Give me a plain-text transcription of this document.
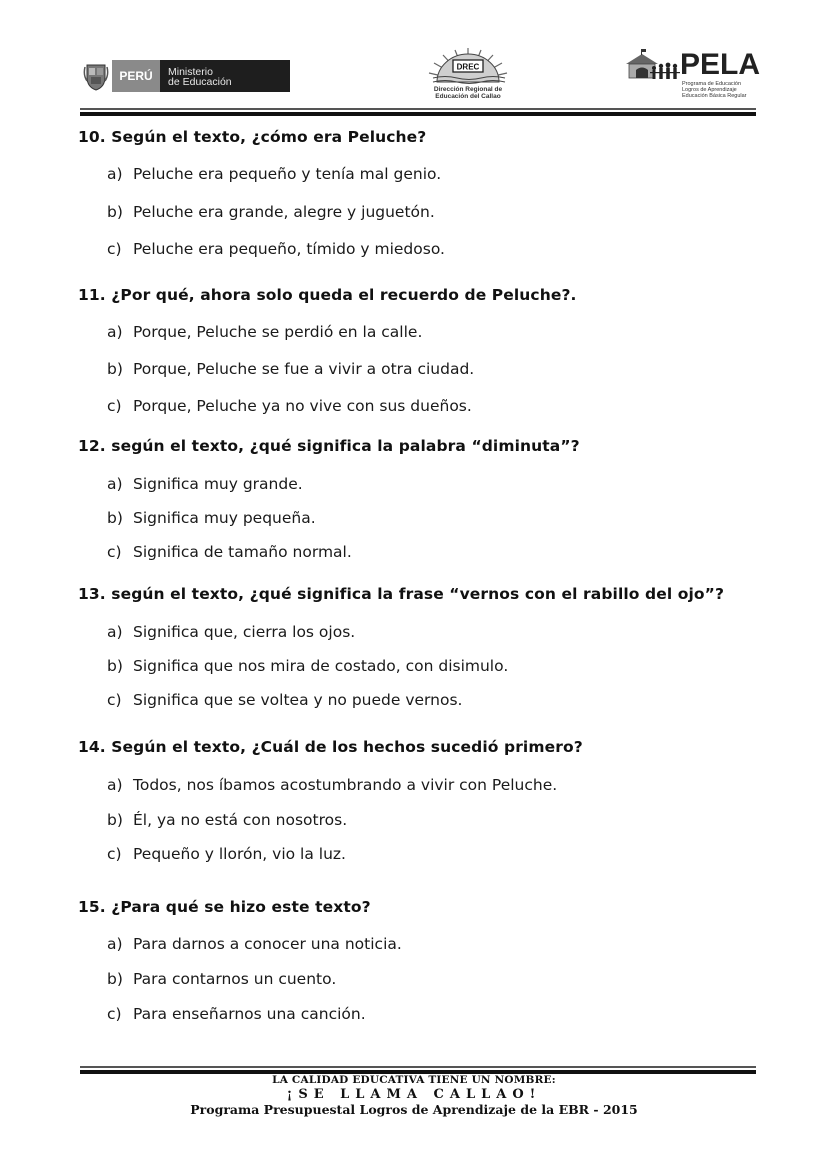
PERÚ	Ministerio
de Educación
DREC
Dirección Regional de
Educación del Callao
PELA
Programa de Educación
Logros de Aprendizaje
Educación Básica Regular
10. Según el texto, ¿cómo era Peluche?
a) Peluche era pequeño y tenía mal genio.
b) Peluche era grande, alegre y juguetón.
c) Peluche era pequeño, tímido y miedoso.
11. ¿Por qué, ahora solo queda el recuerdo de Peluche?.
a) Porque, Peluche se perdió en la calle.
b) Porque, Peluche se fue a vivir a otra ciudad.
c) Porque, Peluche ya no vive con sus dueños.
12. según el texto, ¿qué significa la palabra “diminuta”?
a) Significa muy grande.
b) Significa muy pequeña.
c) Significa de tamaño normal.
13. según el texto, ¿qué significa la frase “vernos con el rabillo del ojo”?
a) Significa que, cierra los ojos.
b) Significa que nos mira de costado, con disimulo.
c) Significa que se voltea y no puede vernos.
14. Según el texto, ¿Cuál de los hechos sucedió primero?
a) Todos, nos íbamos acostumbrando a vivir con Peluche.
b) Él, ya no está con nosotros.
c) Pequeño y llorón, vio la luz.
15. ¿Para qué se hizo este texto?
a) Para darnos a conocer una noticia.
b) Para contarnos un cuento.
c) Para enseñarnos una canción.
LA CALIDAD EDUCATIVA TIENE UN NOMBRE:
¡SE LLAMA CALLAO!
Programa Presupuestal Logros de Aprendizaje de la EBR - 2015
